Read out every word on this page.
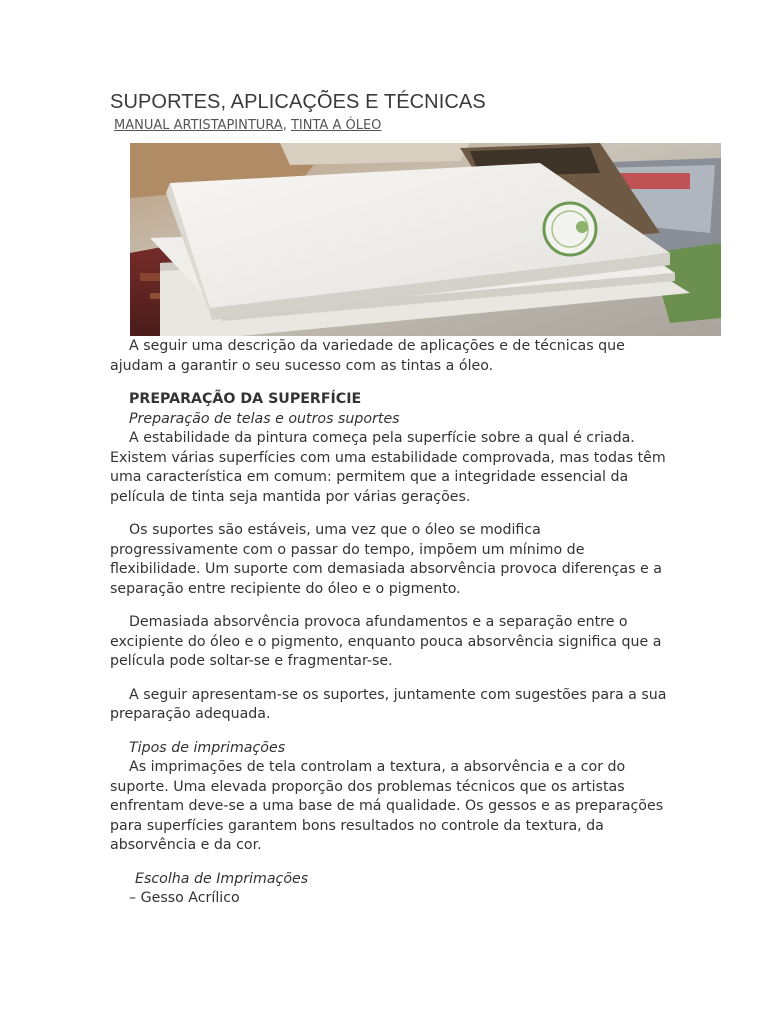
SUPORTES, APLICAÇÕES E TÉCNICAS
MANUAL ARTISTAPINTURA, TINTA A ÓLEO

A seguir uma descrição da variedade de aplicações e de técnicas que ajudam a garantir o seu sucesso com as tintas a óleo.

PREPARAÇÃO DA SUPERFÍCIE
Preparação de telas e outros suportes

A estabilidade da pintura começa pela superfície sobre a qual é criada. Existem várias superfícies com uma estabilidade comprovada, mas todas têm uma característica em comum: permitem que a integridade essencial da película de tinta seja mantida por várias gerações.

Os suportes são estáveis, uma vez que o óleo se modifica progressivamente com o passar do tempo, impõem um mínimo de flexibilidade. Um suporte com demasiada absorvência provoca diferenças e a separação entre recipiente do óleo e o pigmento.

Demasiada absorvência provoca afundamentos e a separação entre o excipiente do óleo e o pigmento, enquanto pouca absorvência significa que a película pode soltar-se e fragmentar-se.

A seguir apresentam-se os suportes, juntamente com sugestões para a sua preparação adequada.

Tipos de imprimações

As imprimações de tela controlam a textura, a absorvência e a cor do suporte. Uma elevada proporção dos problemas técnicos que os artistas enfrentam deve-se a uma base de má qualidade. Os gessos e as preparações para superfícies garantem bons resultados no controle da textura, da absorvência e da cor.

Escolha de Imprimações
– Gesso Acrílico
